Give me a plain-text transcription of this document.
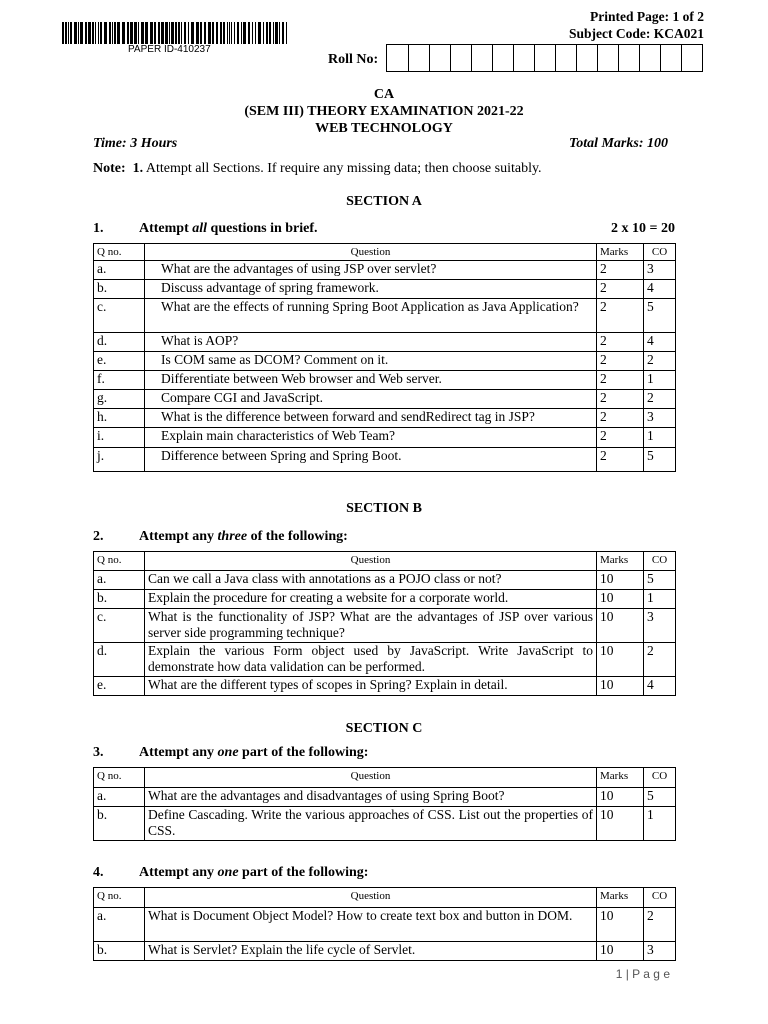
PAPER ID-410237
Printed Page: 1 of 2
Subject Code: KCA021
Roll No:
CA
(SEM III) THEORY EXAMINATION 2021-22
WEB TECHNOLOGY
Time: 3 Hours	Total Marks: 100
Note: 1. Attempt all Sections. If require any missing data; then choose suitably.
SECTION A
1.	Attempt all questions in brief.	2 x 10 = 20
Q no.	Question	Marks	CO
a.	What are the advantages of using JSP over servlet?	2	3
b.	Discuss advantage of spring framework.	2	4
c.	What are the effects of running Spring Boot Application as Java Application?	2	5
d.	What is AOP?	2	4
e.	Is COM same as DCOM? Comment on it.	2	2
f.	Differentiate between Web browser and Web server.	2	1
g.	Compare CGI and JavaScript.	2	2
h.	What is the difference between forward and sendRedirect tag in JSP?	2	3
i.	Explain main characteristics of Web Team?	2	1
j.	Difference between Spring and Spring Boot.	2	5
SECTION B
2.	Attempt any three of the following:
Q no.	Question	Marks	CO
a.	Can we call a Java class with annotations as a POJO class or not?	10	5
b.	Explain the procedure for creating a website for a corporate world.	10	1
c.	What is the functionality of JSP? What are the advantages of JSP over various server side programming technique?	10	3
d.	Explain the various Form object used by JavaScript. Write JavaScript to demonstrate how data validation can be performed.	10	2
e.	What are the different types of scopes in Spring? Explain in detail.	10	4
SECTION C
3.	Attempt any one part of the following:
Q no.	Question	Marks	CO
a.	What are the advantages and disadvantages of using Spring Boot?	10	5
b.	Define Cascading. Write the various approaches of CSS. List out the properties of CSS.	10	1
4.	Attempt any one part of the following:
Q no.	Question	Marks	CO
a.	What is Document Object Model? How to create text box and button in DOM.	10	2
b.	What is Servlet? Explain the life cycle of Servlet.	10	3
1 | P a g e
